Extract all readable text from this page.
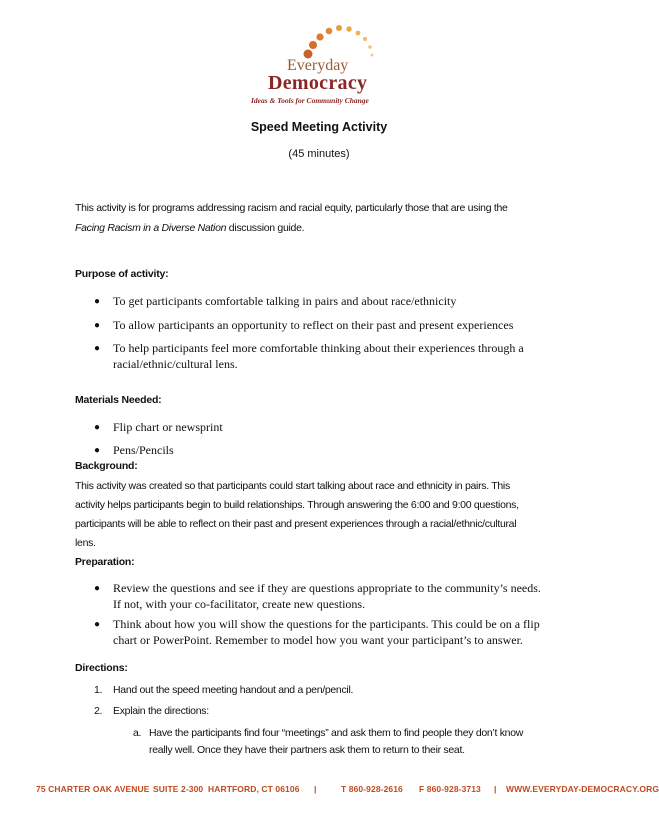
Everyday
Democracy
Ideas & Tools for Community Change
Speed Meeting Activity
(45 minutes)
This activity is for programs addressing racism and racial equity, particularly those that are using the
Facing Racism in a Diverse Nation discussion guide.
Purpose of activity:
● To get participants comfortable talking in pairs and about race/ethnicity
● To allow participants an opportunity to reflect on their past and present experiences
● To help participants feel more comfortable thinking about their experiences through a
racial/ethnic/cultural lens.
Materials Needed:
● Flip chart or newsprint
● Pens/Pencils
Background:
This activity was created so that participants could start talking about race and ethnicity in pairs. This
activity helps participants begin to build relationships. Through answering the 6:00 and 9:00 questions,
participants will be able to reflect on their past and present experiences through a racial/ethnic/cultural
lens.
Preparation:
● Review the questions and see if they are questions appropriate to the community’s needs.
If not, with your co-facilitator, create new questions.
● Think about how you will show the questions for the participants. This could be on a flip
chart or PowerPoint. Remember to model how you want your participant’s to answer.
Directions:
1. Hand out the speed meeting handout and a pen/pencil.
2. Explain the directions:
a. Have the participants find four “meetings” and ask them to find people they don’t know
really well. Once they have their partners ask them to return to their seat.
75 CHARTER OAK AVENUE SUITE 2-300 HARTFORD, CT 06106 |	T 860-928-2616 F 860-928-3713 | WWW.EVERYDAY-DEMOCRACY.ORG
